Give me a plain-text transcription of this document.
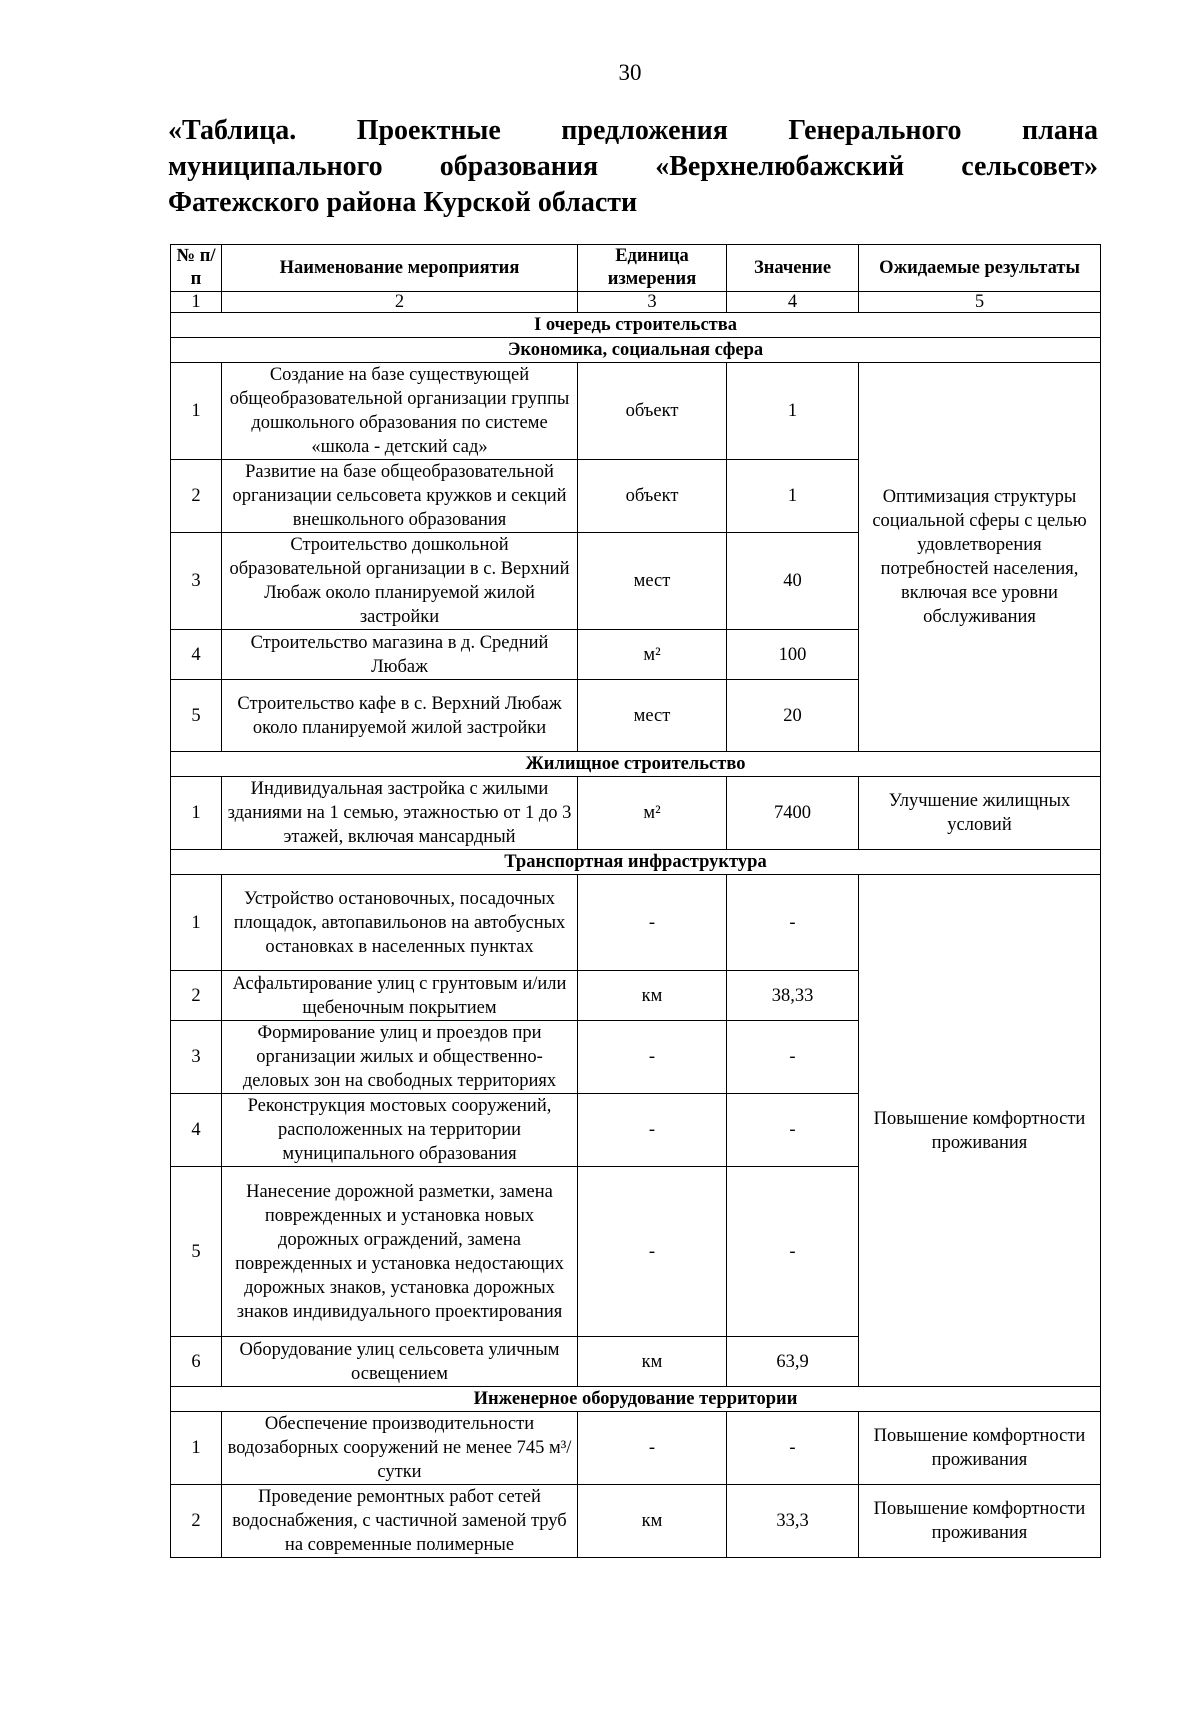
30
«Таблица. Проектные предложения Генерального плана
муниципального образования «Верхнелюбажский сельсовет»
Фатежского района Курской области
№ п/п	Наименование мероприятия	Единица измерения	Значение	Ожидаемые результаты
1	2	3	4	5
I очередь строительства				
Экономика, социальная сфера				
1	Создание на базе существующей общеобразовательной организации группы дошкольного образования по системе «школа - детский сад»	объект	1	Оптимизация структуры социальной сферы с целью удовлетворения потребностей населения, включая все уровни обслуживания
2	Развитие на базе общеобразовательной организации сельсовета кружков и секций внешкольного образования	объект	1	
3	Строительство дошкольной образовательной организации в с. Верхний Любаж около планируемой жилой застройки	мест	40	
4	Строительство магазина в д. Средний Любаж	м²	100	
5	Строительство кафе в с. Верхний Любаж около планируемой жилой застройки	мест	20	
Жилищное строительство				
1	Индивидуальная застройка с жилыми зданиями на 1 семью, этажностью от 1 до 3 этажей, включая мансардный	м²	7400	Улучшение жилищных условий
Транспортная инфраструктура				
1	Устройство остановочных, посадочных площадок, автопавильонов на автобусных остановках в населенных пунктах	-	-	Повышение комфортности проживания
2	Асфальтирование улиц с грунтовым и/или щебеночным покрытием	км	38,33	
3	Формирование улиц и проездов при организации жилых и общественно-деловых зон на свободных территориях	-	-	
4	Реконструкция мостовых сооружений, расположенных на территории муниципального образования	-	-	
5	Нанесение дорожной разметки, замена поврежденных и установка новых дорожных ограждений, замена поврежденных и установка недостающих дорожных знаков, установка дорожных знаков индивидуального проектирования	-	-	
6	Оборудование улиц сельсовета уличным освещением	км	63,9	
Инженерное оборудование территории				
1	Обеспечение производительности водозаборных сооружений не менее 745 м³/сутки	-	-	Повышение комфортности проживания
2	Проведение ремонтных работ сетей водоснабжения, с частичной заменой труб на современные полимерные	км	33,3	Повышение комфортности проживания
